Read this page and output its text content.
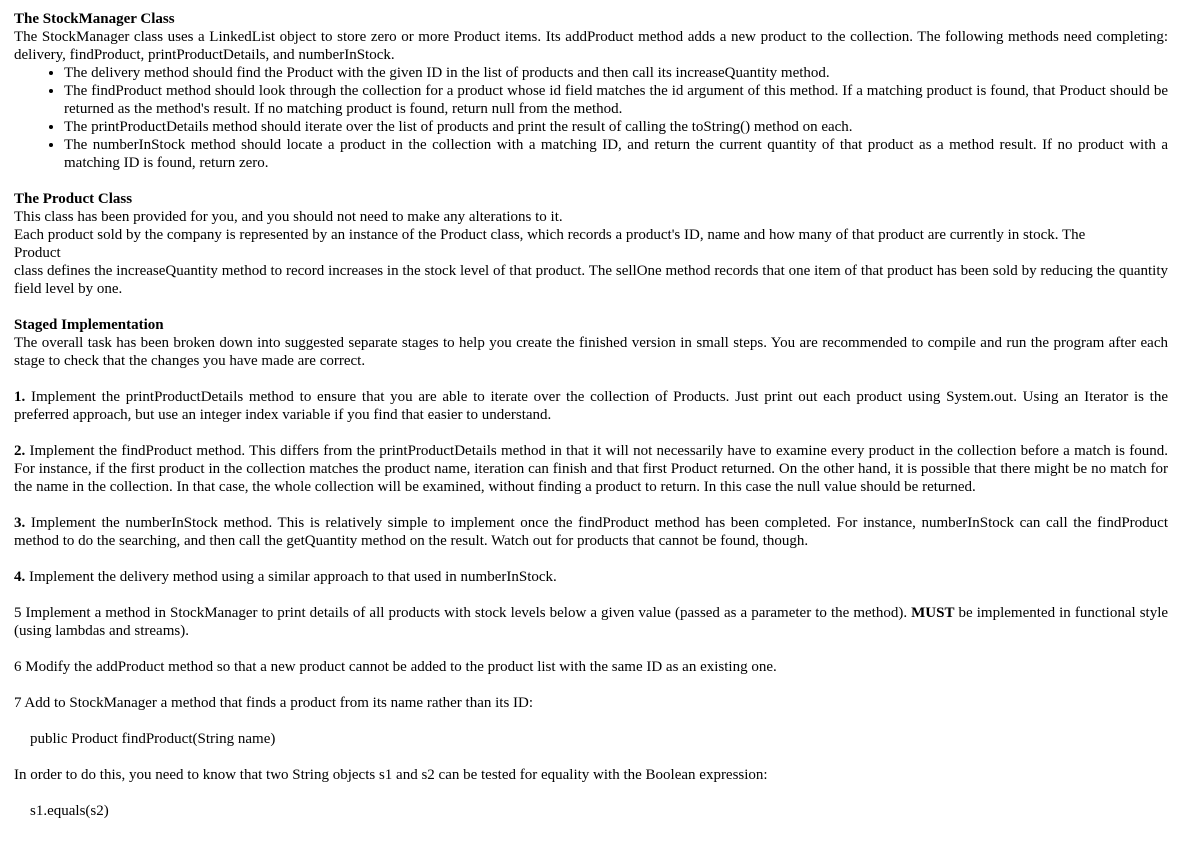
The StockManager Class

The StockManager class uses a LinkedList object to store zero or more Product items. Its addProduct method adds a new product to the collection. The following methods need completing: delivery, findProduct, printProductDetails, and numberInStock.

• The delivery method should find the Product with the given ID in the list of products and then call its increaseQuantity method.
• The findProduct method should look through the collection for a product whose id field matches the id argument of this method. If a matching product is found, that Product should be returned as the method's result. If no matching product is found, return null from the method.
• The printProductDetails method should iterate over the list of products and print the result of calling the toString() method on each.
• The numberInStock method should locate a product in the collection with a matching ID, and return the current quantity of that product as a method result. If no product with a matching ID is found, return zero.
The Product Class

This class has been provided for you, and you should not need to make any alterations to it.

Each product sold by the company is represented by an instance of the Product class, which records a product's ID, name and how many of that product are currently in stock. The

Product

class defines the increaseQuantity method to record increases in the stock level of that product. The sellOne method records that one item of that product has been sold by reducing the quantity field level by one.

Staged Implementation

The overall task has been broken down into suggested separate stages to help you create the finished version in small steps. You are recommended to compile and run the program after each stage to check that the changes you have made are correct.

1. Implement the printProductDetails method to ensure that you are able to iterate over the collection of Products. Just print out each product using System.out. Using an Iterator is the preferred approach, but use an integer index variable if you find that easier to understand.

2. Implement the findProduct method. This differs from the printProductDetails method in that it will not necessarily have to examine every product in the collection before a match is found. For instance, if the first product in the collection matches the product name, iteration can finish and that first Product returned. On the other hand, it is possible that there might be no match for the name in the collection. In that case, the whole collection will be examined, without finding a product to return. In this case the null value should be returned.

3. Implement the numberInStock method. This is relatively simple to implement once the findProduct method has been completed. For instance, numberInStock can call the findProduct method to do the searching, and then call the getQuantity method on the result. Watch out for products that cannot be found, though.

4. Implement the delivery method using a similar approach to that used in numberInStock.

5 Implement a method in StockManager to print details of all products with stock levels below a given value (passed as a parameter to the method). MUST be implemented in functional style (using lambdas and streams).

6 Modify the addProduct method so that a new product cannot be added to the product list with the same ID as an existing one.

7 Add to StockManager a method that finds a product from its name rather than its ID:

public Product findProduct(String name)

In order to do this, you need to know that two String objects s1 and s2 can be tested for equality with the Boolean expression:

s1.equals(s2)
